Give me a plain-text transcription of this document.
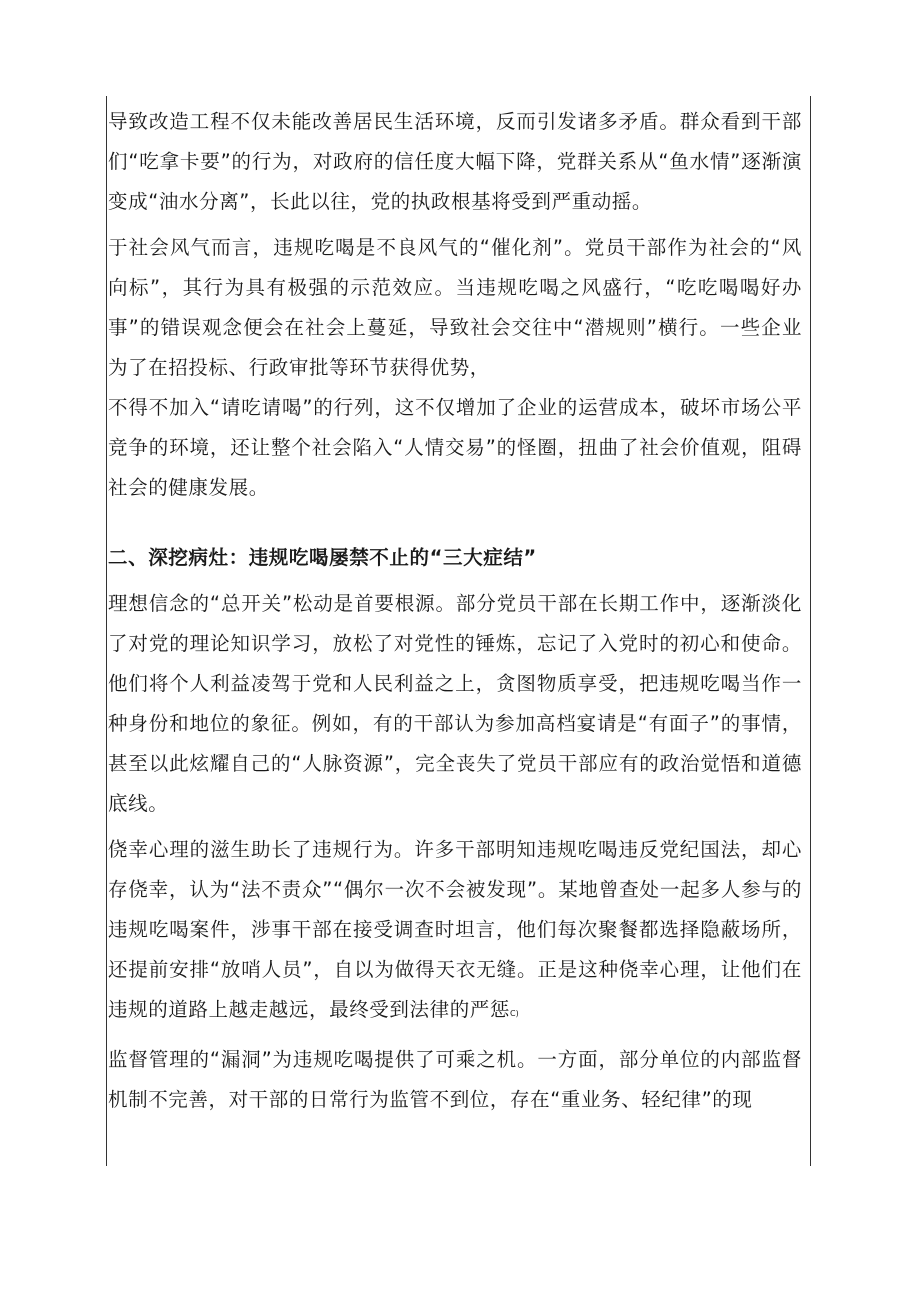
导致改造工程不仅未能改善居民生活环境，反而引发诸多矛盾。群众看到干部们“吃拿卡要”的行为，对政府的信任度大幅下降，党群关系从“鱼水情”逐渐演变成“油水分离”，长此以往，党的执政根基将受到严重动摇。

于社会风气而言，违规吃喝是不良风气的“催化剂”。党员干部作为社会的“风向标”，其行为具有极强的示范效应。当违规吃喝之风盛行，“吃吃喝喝好办事”的错误观念便会在社会上蔓延，导致社会交往中“潜规则”横行。一些企业为了在招投标、行政审批等环节获得优势，

不得不加入“请吃请喝”的行列，这不仅增加了企业的运营成本，破坏市场公平竞争的环境，还让整个社会陷入“人情交易”的怪圈，扭曲了社会价值观，阻碍社会的健康发展。

二、深挖病灶：违规吃喝屡禁不止的“三大症结”

理想信念的“总开关”松动是首要根源。部分党员干部在长期工作中，逐渐淡化了对党的理论知识学习，放松了对党性的锤炼，忘记了入党时的初心和使命。他们将个人利益凌驾于党和人民利益之上，贪图物质享受，把违规吃喝当作一种身份和地位的象征。例如，有的干部认为参加高档宴请是“有面子”的事情，甚至以此炫耀自己的“人脉资源”，完全丧失了党员干部应有的政治觉悟和道德底线。

侥幸心理的滋生助长了违规行为。许多干部明知违规吃喝违反党纪国法，却心存侥幸，认为“法不责众”“偶尔一次不会被发现”。某地曾查处一起多人参与的违规吃喝案件，涉事干部在接受调查时坦言，他们每次聚餐都选择隐蔽场所，还提前安排“放哨人员”，自以为做得天衣无缝。正是这种侥幸心理，让他们在违规的道路上越走越远，最终受到法律的严惩C)

监督管理的“漏洞”为违规吃喝提供了可乘之机。一方面，部分单位的内部监督机制不完善，对干部的日常行为监管不到位，存在“重业务、轻纪律”的现
